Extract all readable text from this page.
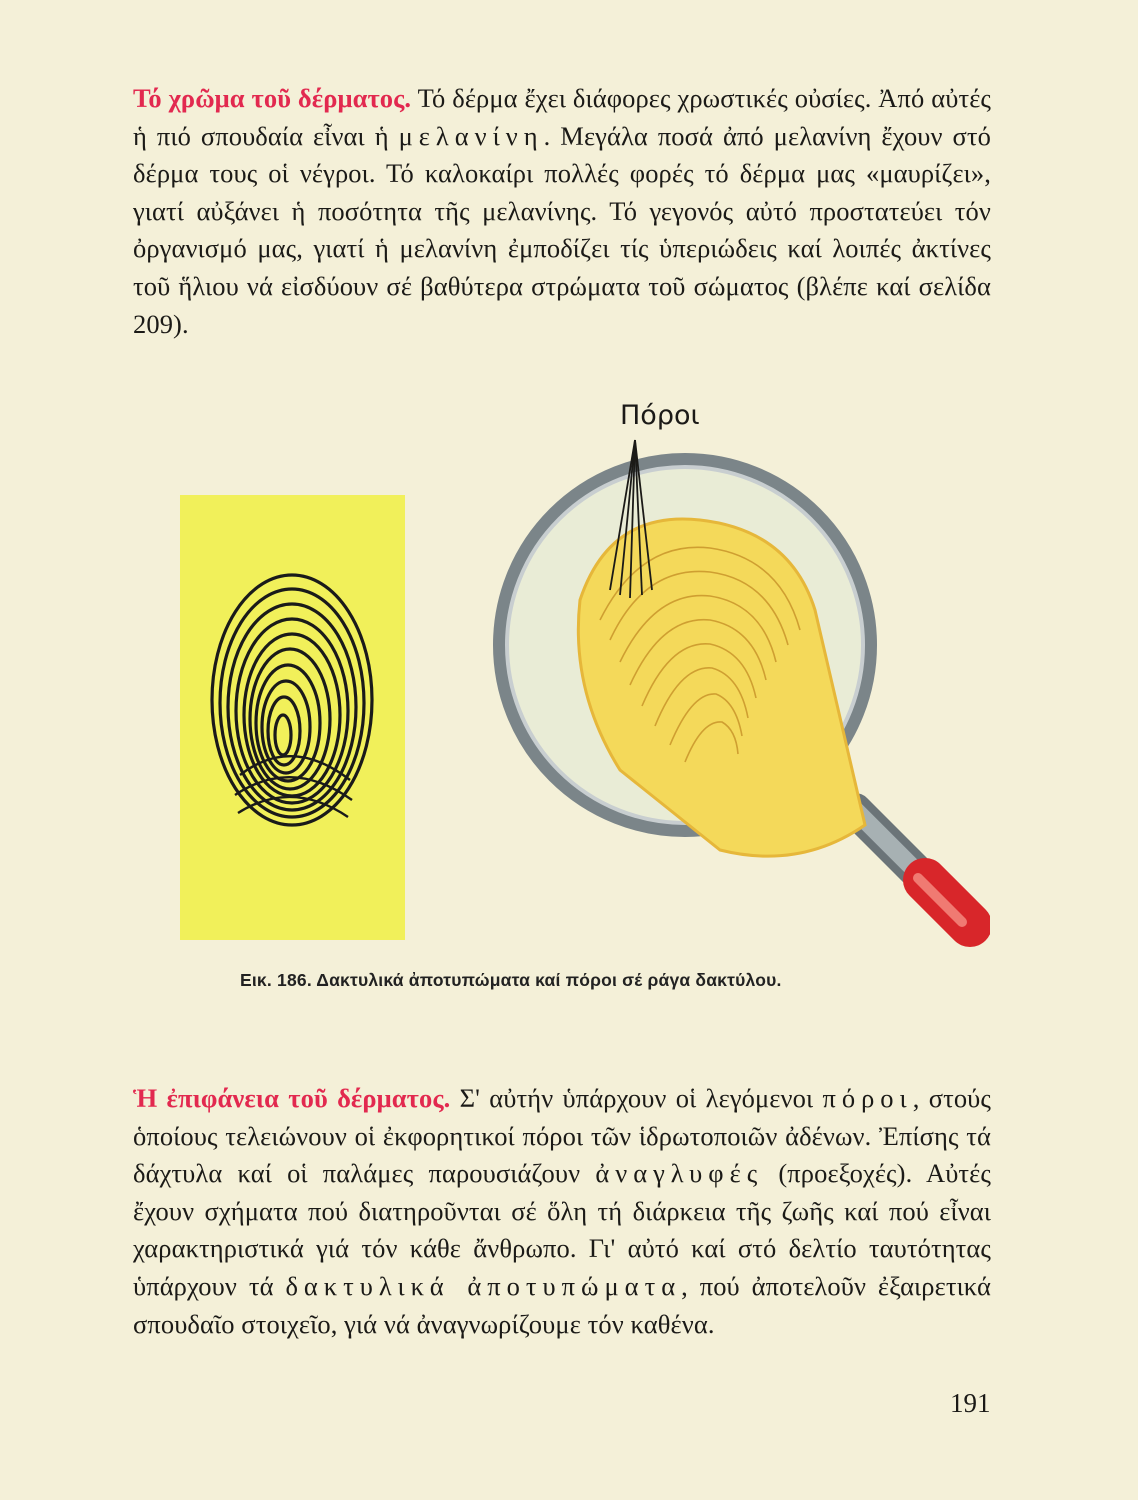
Τό χρῶμα τοῦ δέρματος. Τό δέρμα ἔχει διάφορες χρωστικές οὐσίες. Ἀπό αὐτές ἡ πιό σπουδαία εἶναι ἡ μελανίνη. Μεγάλα ποσά ἀπό μελανίνη ἔχουν στό δέρμα τους οἱ νέγροι. Τό καλοκαίρι πολλές φορές τό δέρμα μας «μαυρίζει», γιατί αὐξάνει ἡ ποσότητα τῆς μελανίνης. Τό γεγονός αὐτό προστατεύει τόν ὀργανισμό μας, γιατί ἡ μελανίνη ἐμποδίζει τίς ὑπεριώδεις καί λοιπές ἀκτίνες τοῦ ἥλιου νά εἰσδύουν σέ βαθύτερα στρώματα τοῦ σώματος (βλέπε καί σελίδα 209).

Πόροι
Εικ. 186. Δακτυλικά ἀποτυπώματα καί πόροι σέ ράγα δακτύλου.

Ἡ ἐπιφάνεια τοῦ δέρματος. Σ' αὐτήν ὑπάρχουν οἱ λεγόμενοι πόροι, στούς ὁποίους τελειώνουν οἱ ἐκφορητικοί πόροι τῶν ἱδρωτοποιῶν ἀδένων. Ἐπίσης τά δάχτυλα καί οἱ παλάμες παρουσιάζουν ἀναγλυφές (προεξοχές). Αὐτές ἔχουν σχήματα πού διατηροῦνται σέ ὅλη τή διάρκεια τῆς ζωῆς καί πού εἶναι χαρακτηριστικά γιά τόν κάθε ἄνθρωπο. Γι' αὐτό καί στό δελτίο ταυτότητας ὑπάρχουν τά δακτυλικά ἀποτυπώματα, πού ἀποτελοῦν ἐξαιρετικά σπουδαῖο στοιχεῖο, γιά νά ἀναγνωρίζουμε τόν καθένα.

191
